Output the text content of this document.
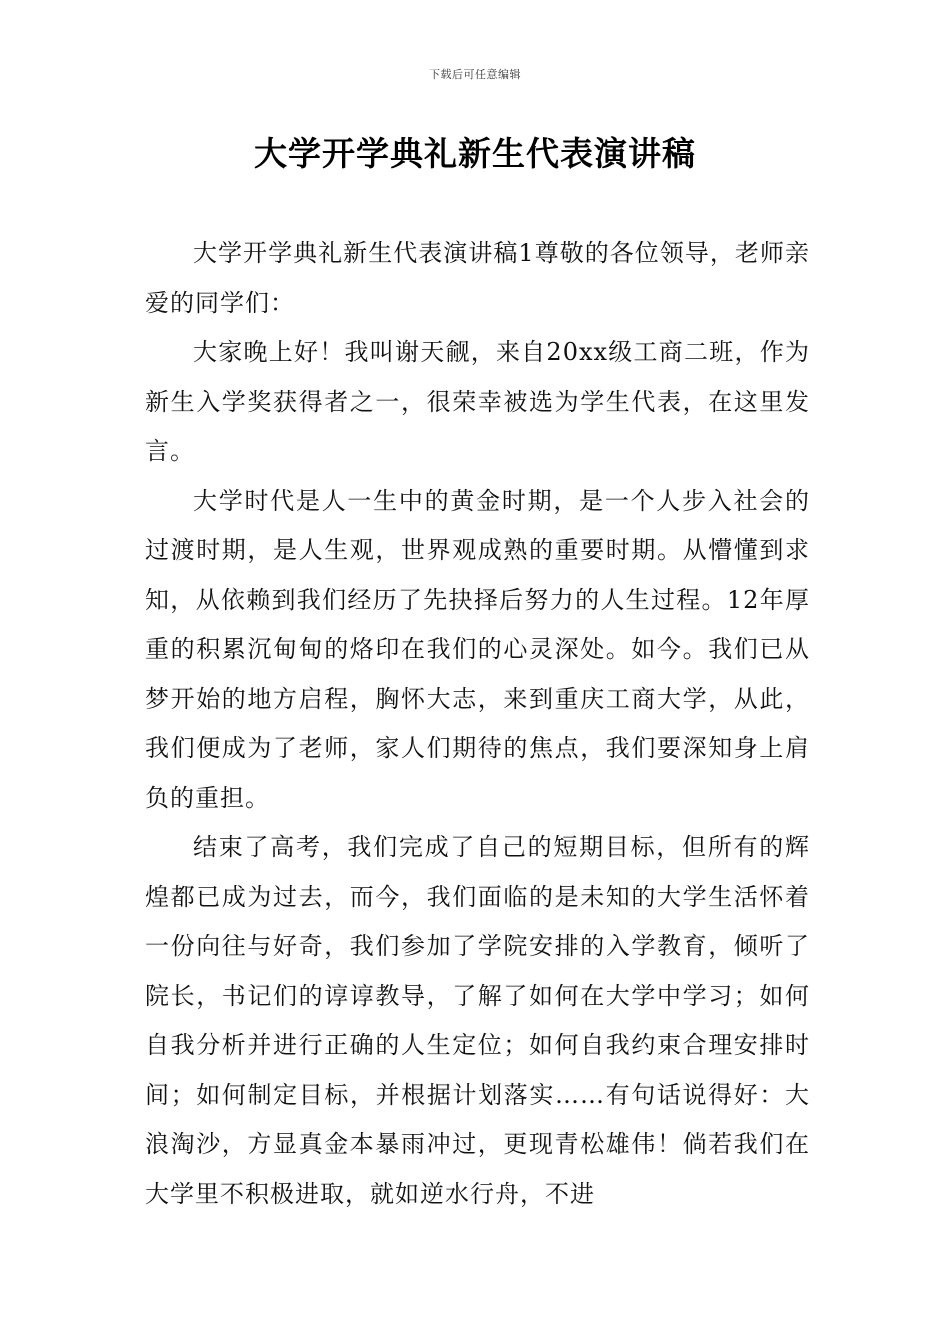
下载后可任意编辑
大学开学典礼新生代表演讲稿

大学开学典礼新生代表演讲稿1尊敬的各位领导，老师亲爱的同学们：

大家晚上好！我叫谢天觎，来自20xx级工商二班，作为新生入学奖获得者之一，很荣幸被选为学生代表，在这里发言。

大学时代是人一生中的黄金时期，是一个人步入社会的过渡时期，是人生观，世界观成熟的重要时期。从懵懂到求知，从依赖到我们经历了先抉择后努力的人生过程。12年厚重的积累沉甸甸的烙印在我们的心灵深处。如今。我们已从梦开始的地方启程，胸怀大志，来到重庆工商大学，从此，我们便成为了老师，家人们期待的焦点，我们要深知身上肩负的重担。

结束了高考，我们完成了自己的短期目标，但所有的辉煌都已成为过去，而今，我们面临的是未知的大学生活怀着一份向往与好奇，我们参加了学院安排的入学教育，倾听了院长，书记们的谆谆教导，了解了如何在大学中学习；如何自我分析并进行正确的人生定位；如何自我约束合理安排时间；如何制定目标，并根据计划落实……有句话说得好：大浪淘沙，方显真金本暴雨冲过，更现青松雄伟！倘若我们在大学里不积极进取，就如逆水行舟，不进
